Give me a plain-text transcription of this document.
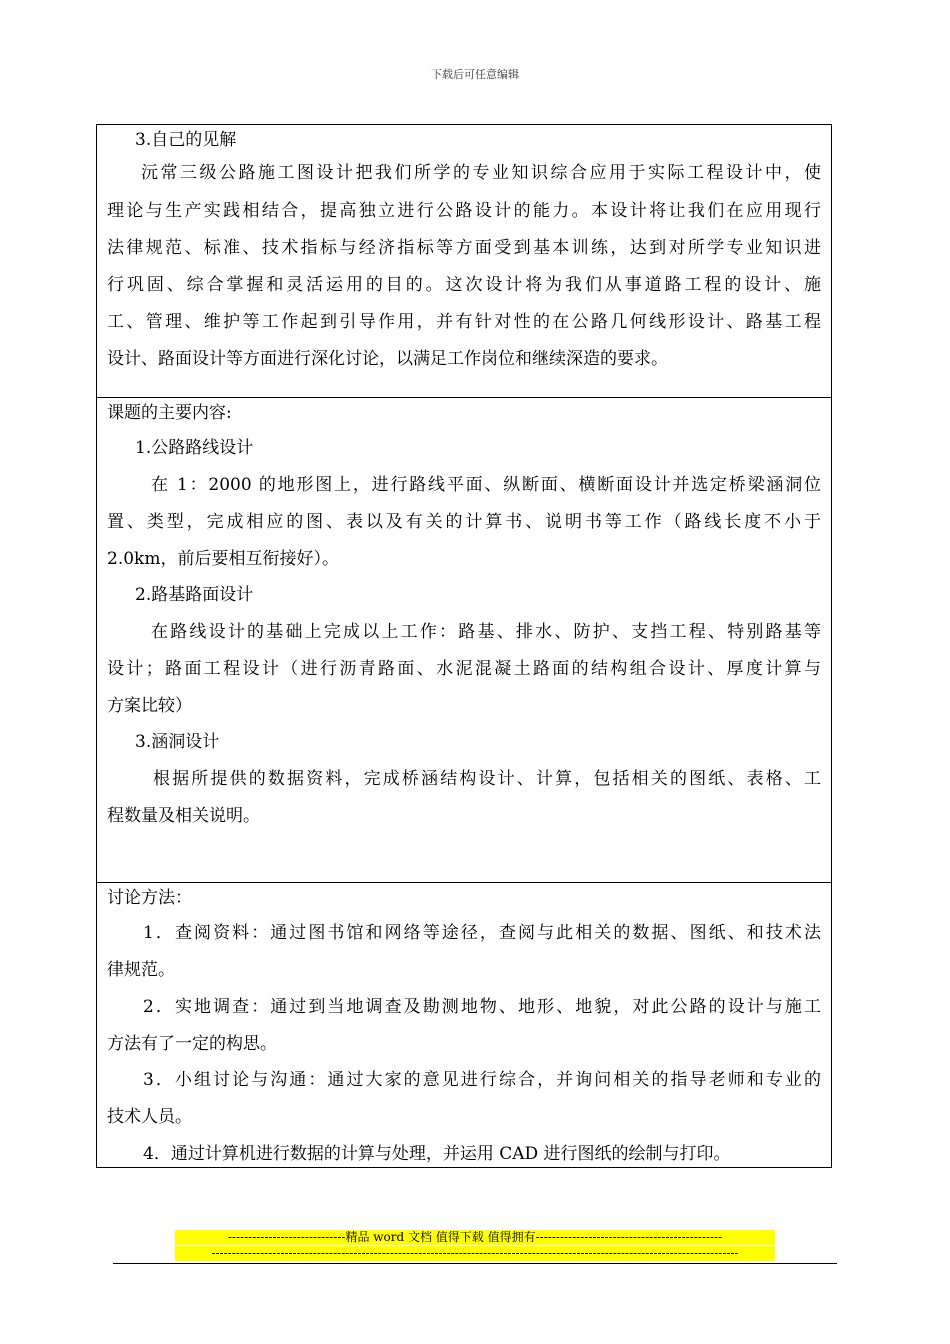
下载后可任意编辑
3.自己的见解
沅常三级公路施工图设计把我们所学的专业知识综合应用于实际工程设计中，使
理论与生产实践相结合，提高独立进行公路设计的能力。本设计将让我们在应用现行
法律规范、标准、技术指标与经济指标等方面受到基本训练，达到对所学专业知识进
行巩固、综合掌握和灵活运用的目的。这次设计将为我们从事道路工程的设计、施
工、管理、维护等工作起到引导作用，并有针对性的在公路几何线形设计、路基工程
设计、路面设计等方面进行深化讨论，以满足工作岗位和继续深造的要求。
课题的主要内容:
1.公路路线设计
在 1：2000 的地形图上，进行路线平面、纵断面、横断面设计并选定桥梁涵洞位
置、类型，完成相应的图、表以及有关的计算书、说明书等工作（路线长度不小于
2.0km，前后要相互衔接好）。
2.路基路面设计
在路线设计的基础上完成以上工作：路基、排水、防护、支挡工程、特别路基等
设计；路面工程设计（进行沥青路面、水泥混凝土路面的结构组合设计、厚度计算与
方案比较）
3.涵洞设计
根据所提供的数据资料，完成桥涵结构设计、计算，包括相关的图纸、表格、工
程数量及相关说明。
讨论方法：
1．查阅资料：通过图书馆和网络等途径，查阅与此相关的数据、图纸、和技术法
律规范。
2．实地调查：通过到当地调查及勘测地物、地形、地貌，对此公路的设计与施工
方法有了一定的构思。
3．小组讨论与沟通：通过大家的意见进行综合，并询问相关的指导老师和专业的
技术人员。
4．通过计算机进行数据的计算与处理，并运用 CAD 进行图纸的绘制与打印。
-----------------------------精品 word 文档 值得下载 值得拥有----------------------------------------------
----------------------------------------------------------------------------------------------------------------------------------
